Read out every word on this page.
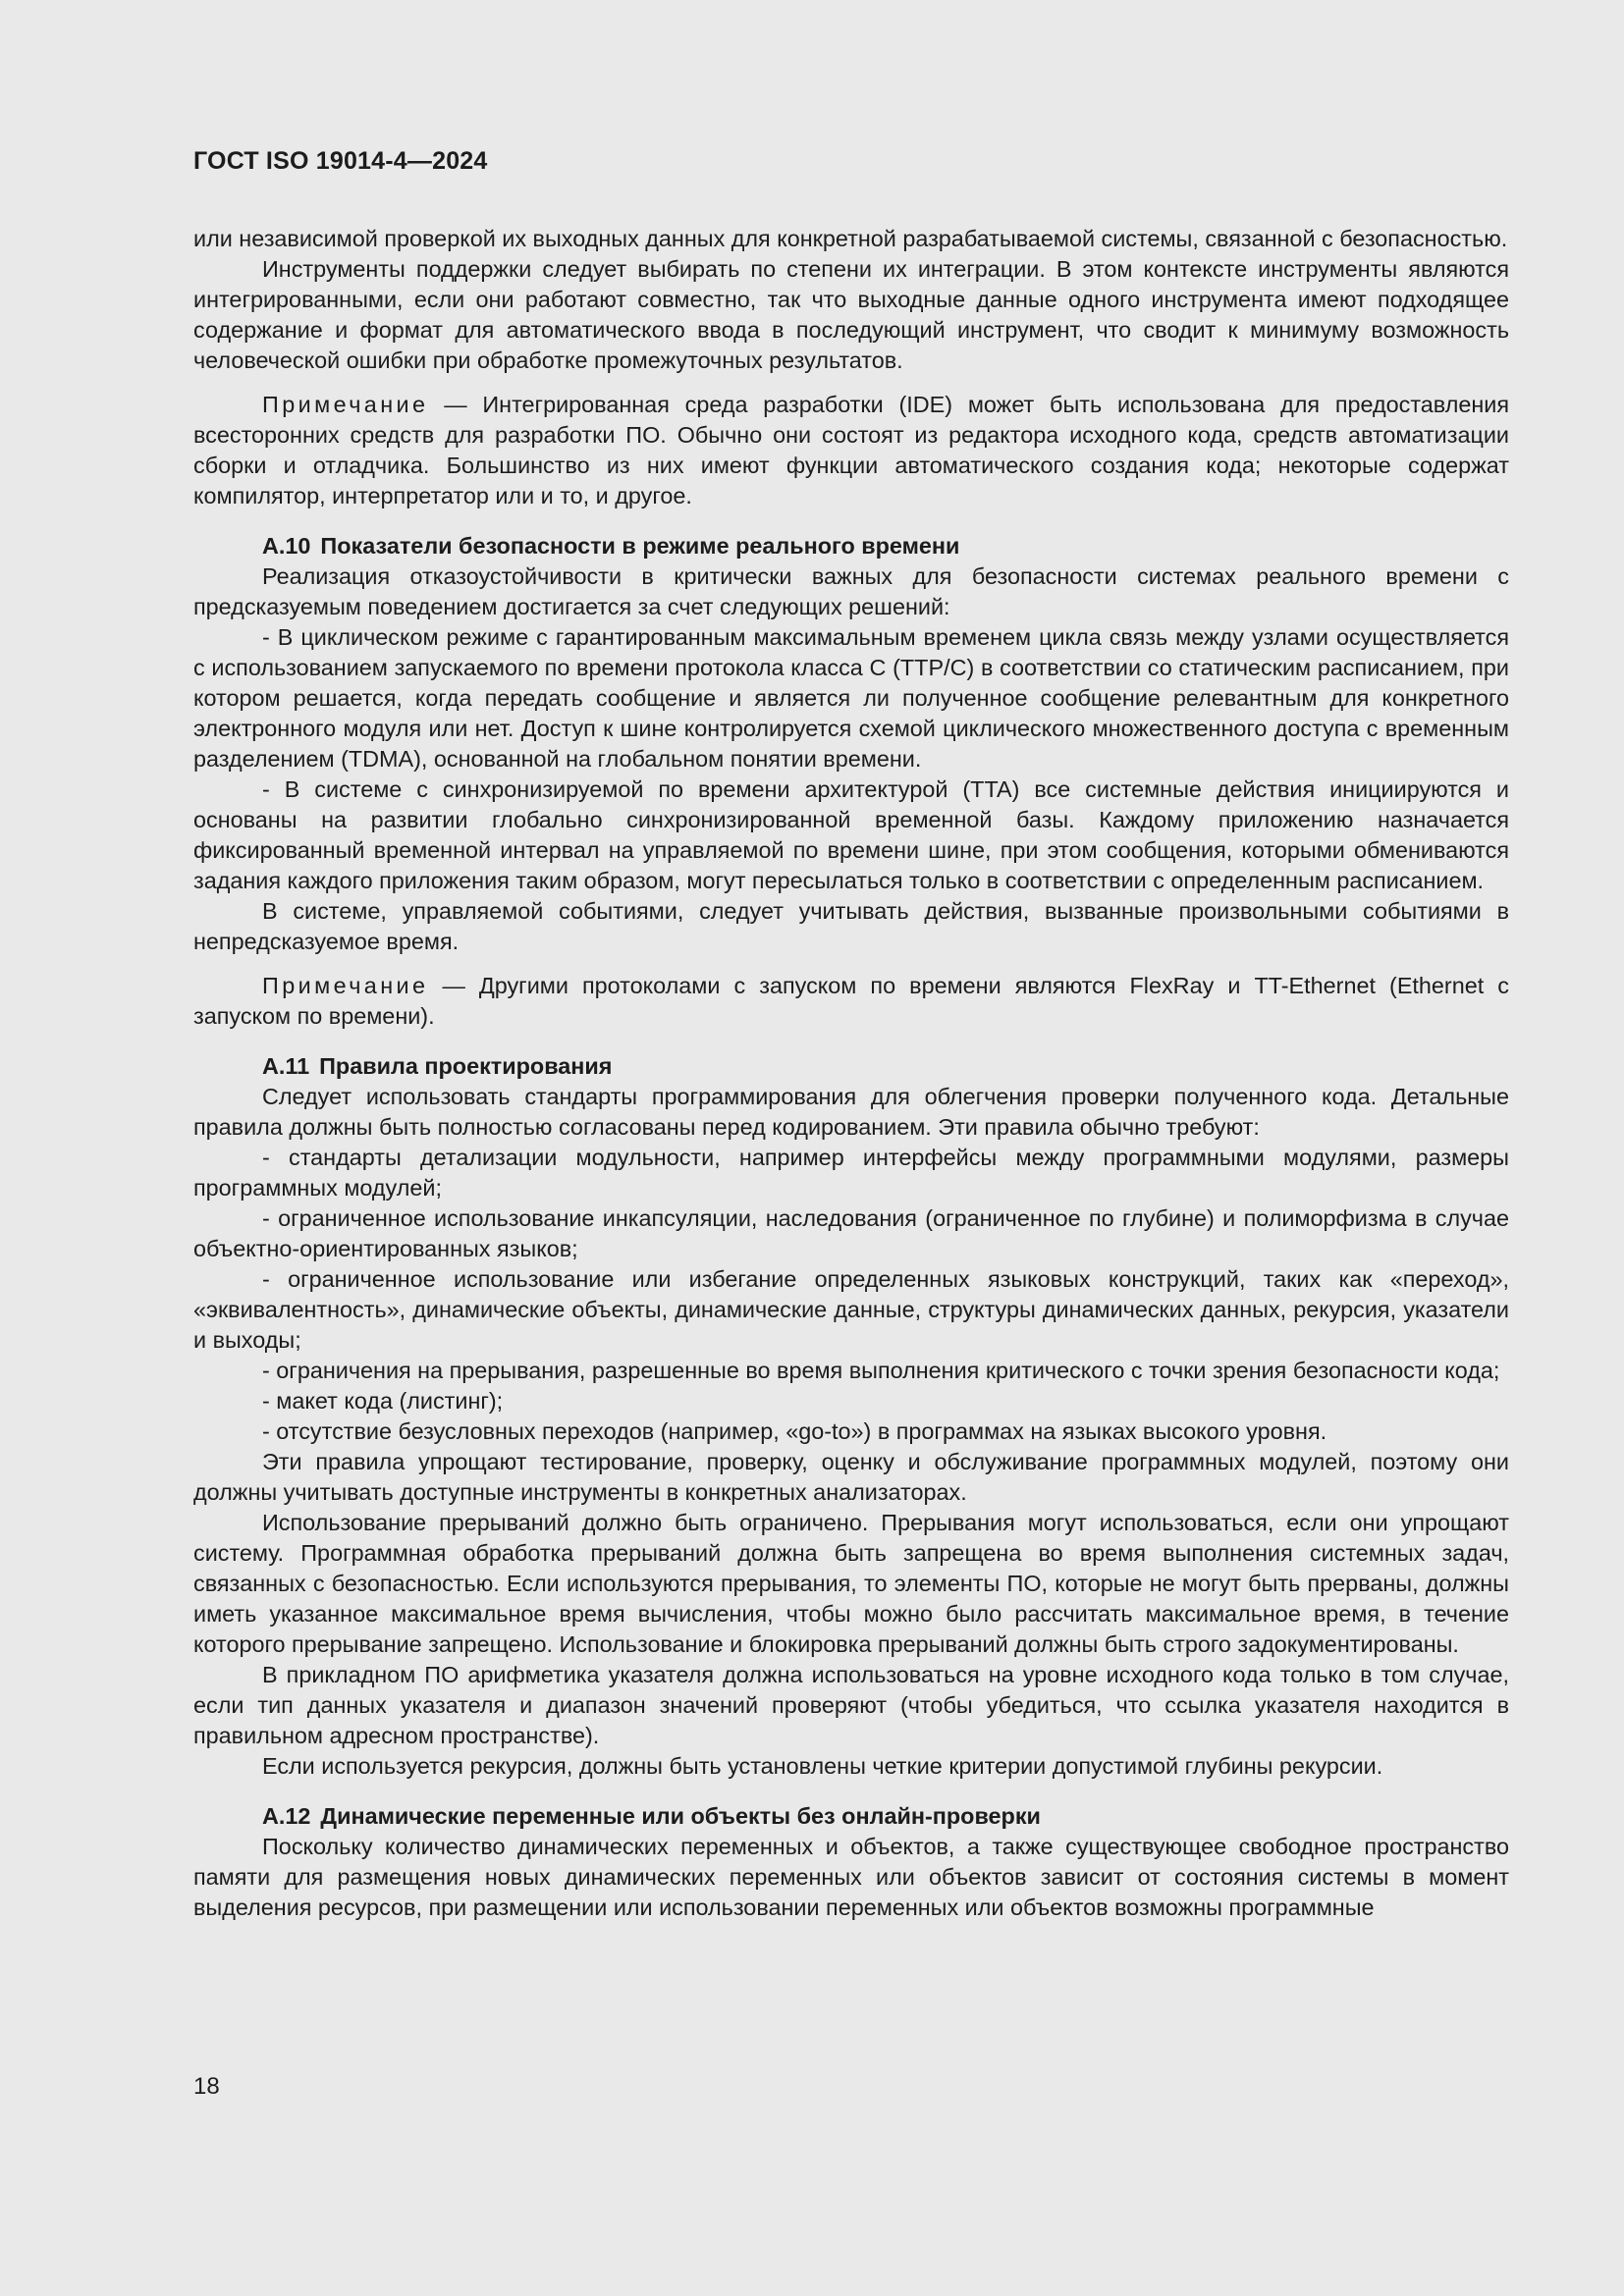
ГОСТ ISO 19014-4—2024

или независимой проверкой их выходных данных для конкретной разрабатываемой системы, связанной с безопасностью.

Инструменты поддержки следует выбирать по степени их интеграции. В этом контексте инструменты являются интегрированными, если они работают совместно, так что выходные данные одного инструмента имеют подходящее содержание и формат для автоматического ввода в последующий инструмент, что сводит к минимуму возможность человеческой ошибки при обработке промежуточных результатов.

Примечание — Интегрированная среда разработки (IDE) может быть использована для предоставления всесторонних средств для разработки ПО. Обычно они состоят из редактора исходного кода, средств автоматизации сборки и отладчика. Большинство из них имеют функции автоматического создания кода; некоторые содержат компилятор, интерпретатор или и то, и другое.

А.10 Показатели безопасности в режиме реального времени

Реализация отказоустойчивости в критически важных для безопасности системах реального времени с предсказуемым поведением достигается за счет следующих решений:

- В циклическом режиме с гарантированным максимальным временем цикла связь между узлами осуществляется с использованием запускаемого по времени протокола класса С (TTP/C) в соответствии со статическим расписанием, при котором решается, когда передать сообщение и является ли полученное сообщение релевантным для конкретного электронного модуля или нет. Доступ к шине контролируется схемой циклического множественного доступа с временным разделением (TDMA), основанной на глобальном понятии времени.

- В системе с синхронизируемой по времени архитектурой (TTA) все системные действия инициируются и основаны на развитии глобально синхронизированной временной базы. Каждому приложению назначается фиксированный временной интервал на управляемой по времени шине, при этом сообщения, которыми обмениваются задания каждого приложения таким образом, могут пересылаться только в соответствии с определенным расписанием.

В системе, управляемой событиями, следует учитывать действия, вызванные произвольными событиями в непредсказуемое время.

Примечание — Другими протоколами с запуском по времени являются FlexRay и TT-Ethernet (Ethernet с запуском по времени).

А.11 Правила проектирования

Следует использовать стандарты программирования для облегчения проверки полученного кода. Детальные правила должны быть полностью согласованы перед кодированием. Эти правила обычно требуют:

- стандарты детализации модульности, например интерфейсы между программными модулями, размеры программных модулей;

- ограниченное использование инкапсуляции, наследования (ограниченное по глубине) и полиморфизма в случае объектно-ориентированных языков;

- ограниченное использование или избегание определенных языковых конструкций, таких как «переход», «эквивалентность», динамические объекты, динамические данные, структуры динамических данных, рекурсия, указатели и выходы;

- ограничения на прерывания, разрешенные во время выполнения критического с точки зрения безопасности кода;

- макет кода (листинг);

- отсутствие безусловных переходов (например, «go-to») в программах на языках высокого уровня.

Эти правила упрощают тестирование, проверку, оценку и обслуживание программных модулей, поэтому они должны учитывать доступные инструменты в конкретных анализаторах.

Использование прерываний должно быть ограничено. Прерывания могут использоваться, если они упрощают систему. Программная обработка прерываний должна быть запрещена во время выполнения системных задач, связанных с безопасностью. Если используются прерывания, то элементы ПО, которые не могут быть прерваны, должны иметь указанное максимальное время вычисления, чтобы можно было рассчитать максимальное время, в течение которого прерывание запрещено. Использование и блокировка прерываний должны быть строго задокументированы.

В прикладном ПО арифметика указателя должна использоваться на уровне исходного кода только в том случае, если тип данных указателя и диапазон значений проверяют (чтобы убедиться, что ссылка указателя находится в правильном адресном пространстве).

Если используется рекурсия, должны быть установлены четкие критерии допустимой глубины рекурсии.

А.12 Динамические переменные или объекты без онлайн-проверки

Поскольку количество динамических переменных и объектов, а также существующее свободное пространство памяти для размещения новых динамических переменных или объектов зависит от состояния системы в момент выделения ресурсов, при размещении или использовании переменных или объектов возможны программные

18
